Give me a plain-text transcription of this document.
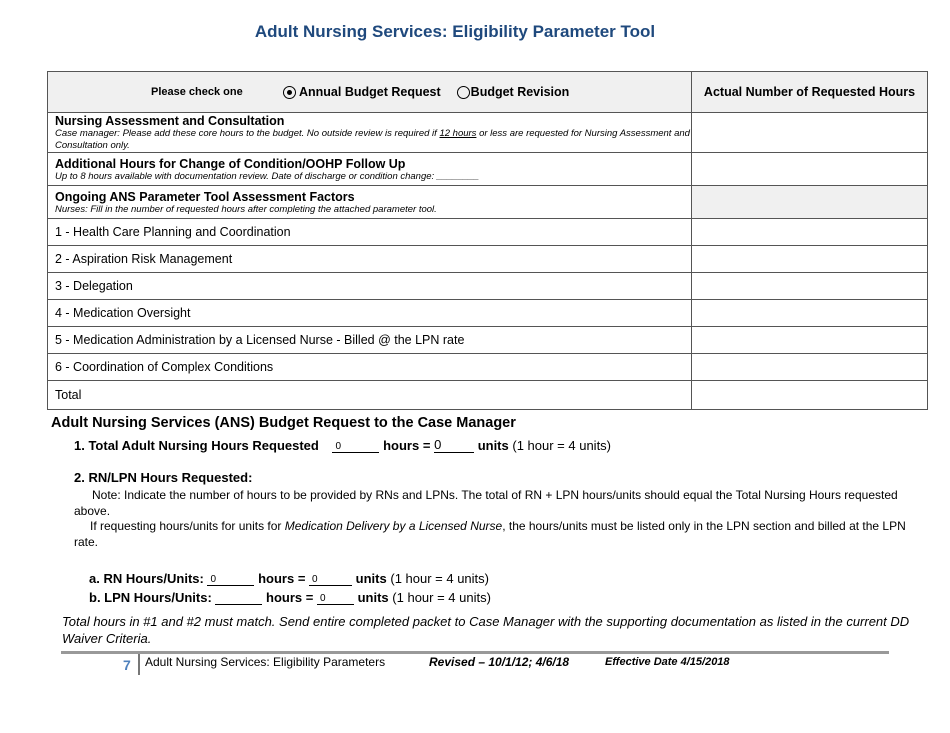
Adult Nursing Services: Eligibility Parameter Tool
Please check one Annual Budget Request Budget Revision	Actual Number of Requested Hours

Nursing Assessment and Consultation
Case manager: Please add these core hours to the budget. No outside review is required if 12 hours or less are requested for Nursing Assessment and Consultation only.	

Additional Hours for Change of Condition/OOHP Follow Up
Up to 8 hours available with documentation review. Date of discharge or condition change: ________	

Ongoing ANS Parameter Tool Assessment Factors
Nurses: Fill in the number of requested hours after completing the attached parameter tool.	

1 - Health Care Planning and Coordination	
2 - Aspiration Risk Management	
3 - Delegation	
4 - Medication Oversight	
5 - Medication Administration by a Licensed Nurse - Billed @ the LPN rate	
6 - Coordination of Complex Conditions	
Total	
Adult Nursing Services (ANS) Budget Request to the Case Manager
1. Total Adult Nursing Hours Requested 0	hours = 0	units (1 hour = 4 units)
2. RN/LPN Hours Requested:
Note: Indicate the number of hours to be provided by RNs and LPNs. The total of RN + LPN hours/units should equal the Total Nursing Hours requested above.
If requesting hours/units for units for Medication Delivery by a Licensed Nurse, the hours/units must be listed only in the LPN section and billed at the LPN rate.
a. RN Hours/Units: 0	hours = 0	units (1 hour = 4 units)
b. LPN Hours/Units:	hours = 0 units (1 hour = 4 units)
Total hours in #1 and #2 must match. Send entire completed packet to Case Manager with the supporting documentation as listed in the current DD Waiver Criteria.
7 Adult Nursing Services: Eligibility Parameters	Revised – 10/1/12; 4/6/18	Effective Date 4/15/2018
